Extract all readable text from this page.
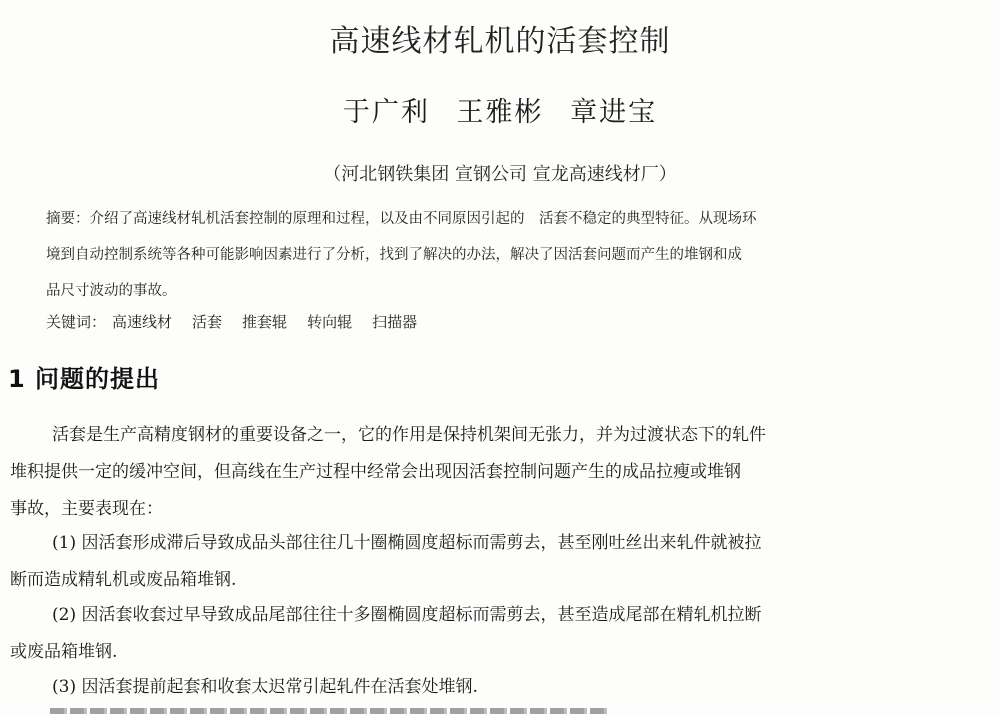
高速线材轧机的活套控制
于广利 王雅彬 章进宝
（河北钢铁集团 宣钢公司 宣龙高速线材厂）
摘要：介绍了高速线材轧机活套控制的原理和过程，以及由不同原因引起的　活套不稳定的典型特征。从现场环
境到自动控制系统等各种可能影响因素进行了分析，找到了解决的办法，解决了因活套问题而产生的堆钢和成
品尺寸波动的事故。
关键词： 高速线材 活套 推套辊 转向辊 扫描器
1 问题的提出
活套是生产高精度钢材的重要设备之一，它的作用是保持机架间无张力，并为过渡状态下的轧件
堆积提供一定的缓冲空间，但高线在生产过程中经常会出现因活套控制问题产生的成品拉瘦或堆钢
事故，主要表现在：
(1) 因活套形成滞后导致成品头部往往几十圈椭圆度超标而需剪去，甚至刚吐丝出来轧件就被拉
断而造成精轧机或废品箱堆钢.
(2) 因活套收套过早导致成品尾部往往十多圈椭圆度超标而需剪去，甚至造成尾部在精轧机拉断
或废品箱堆钢.
(3) 因活套提前起套和收套太迟常引起轧件在活套处堆钢.
